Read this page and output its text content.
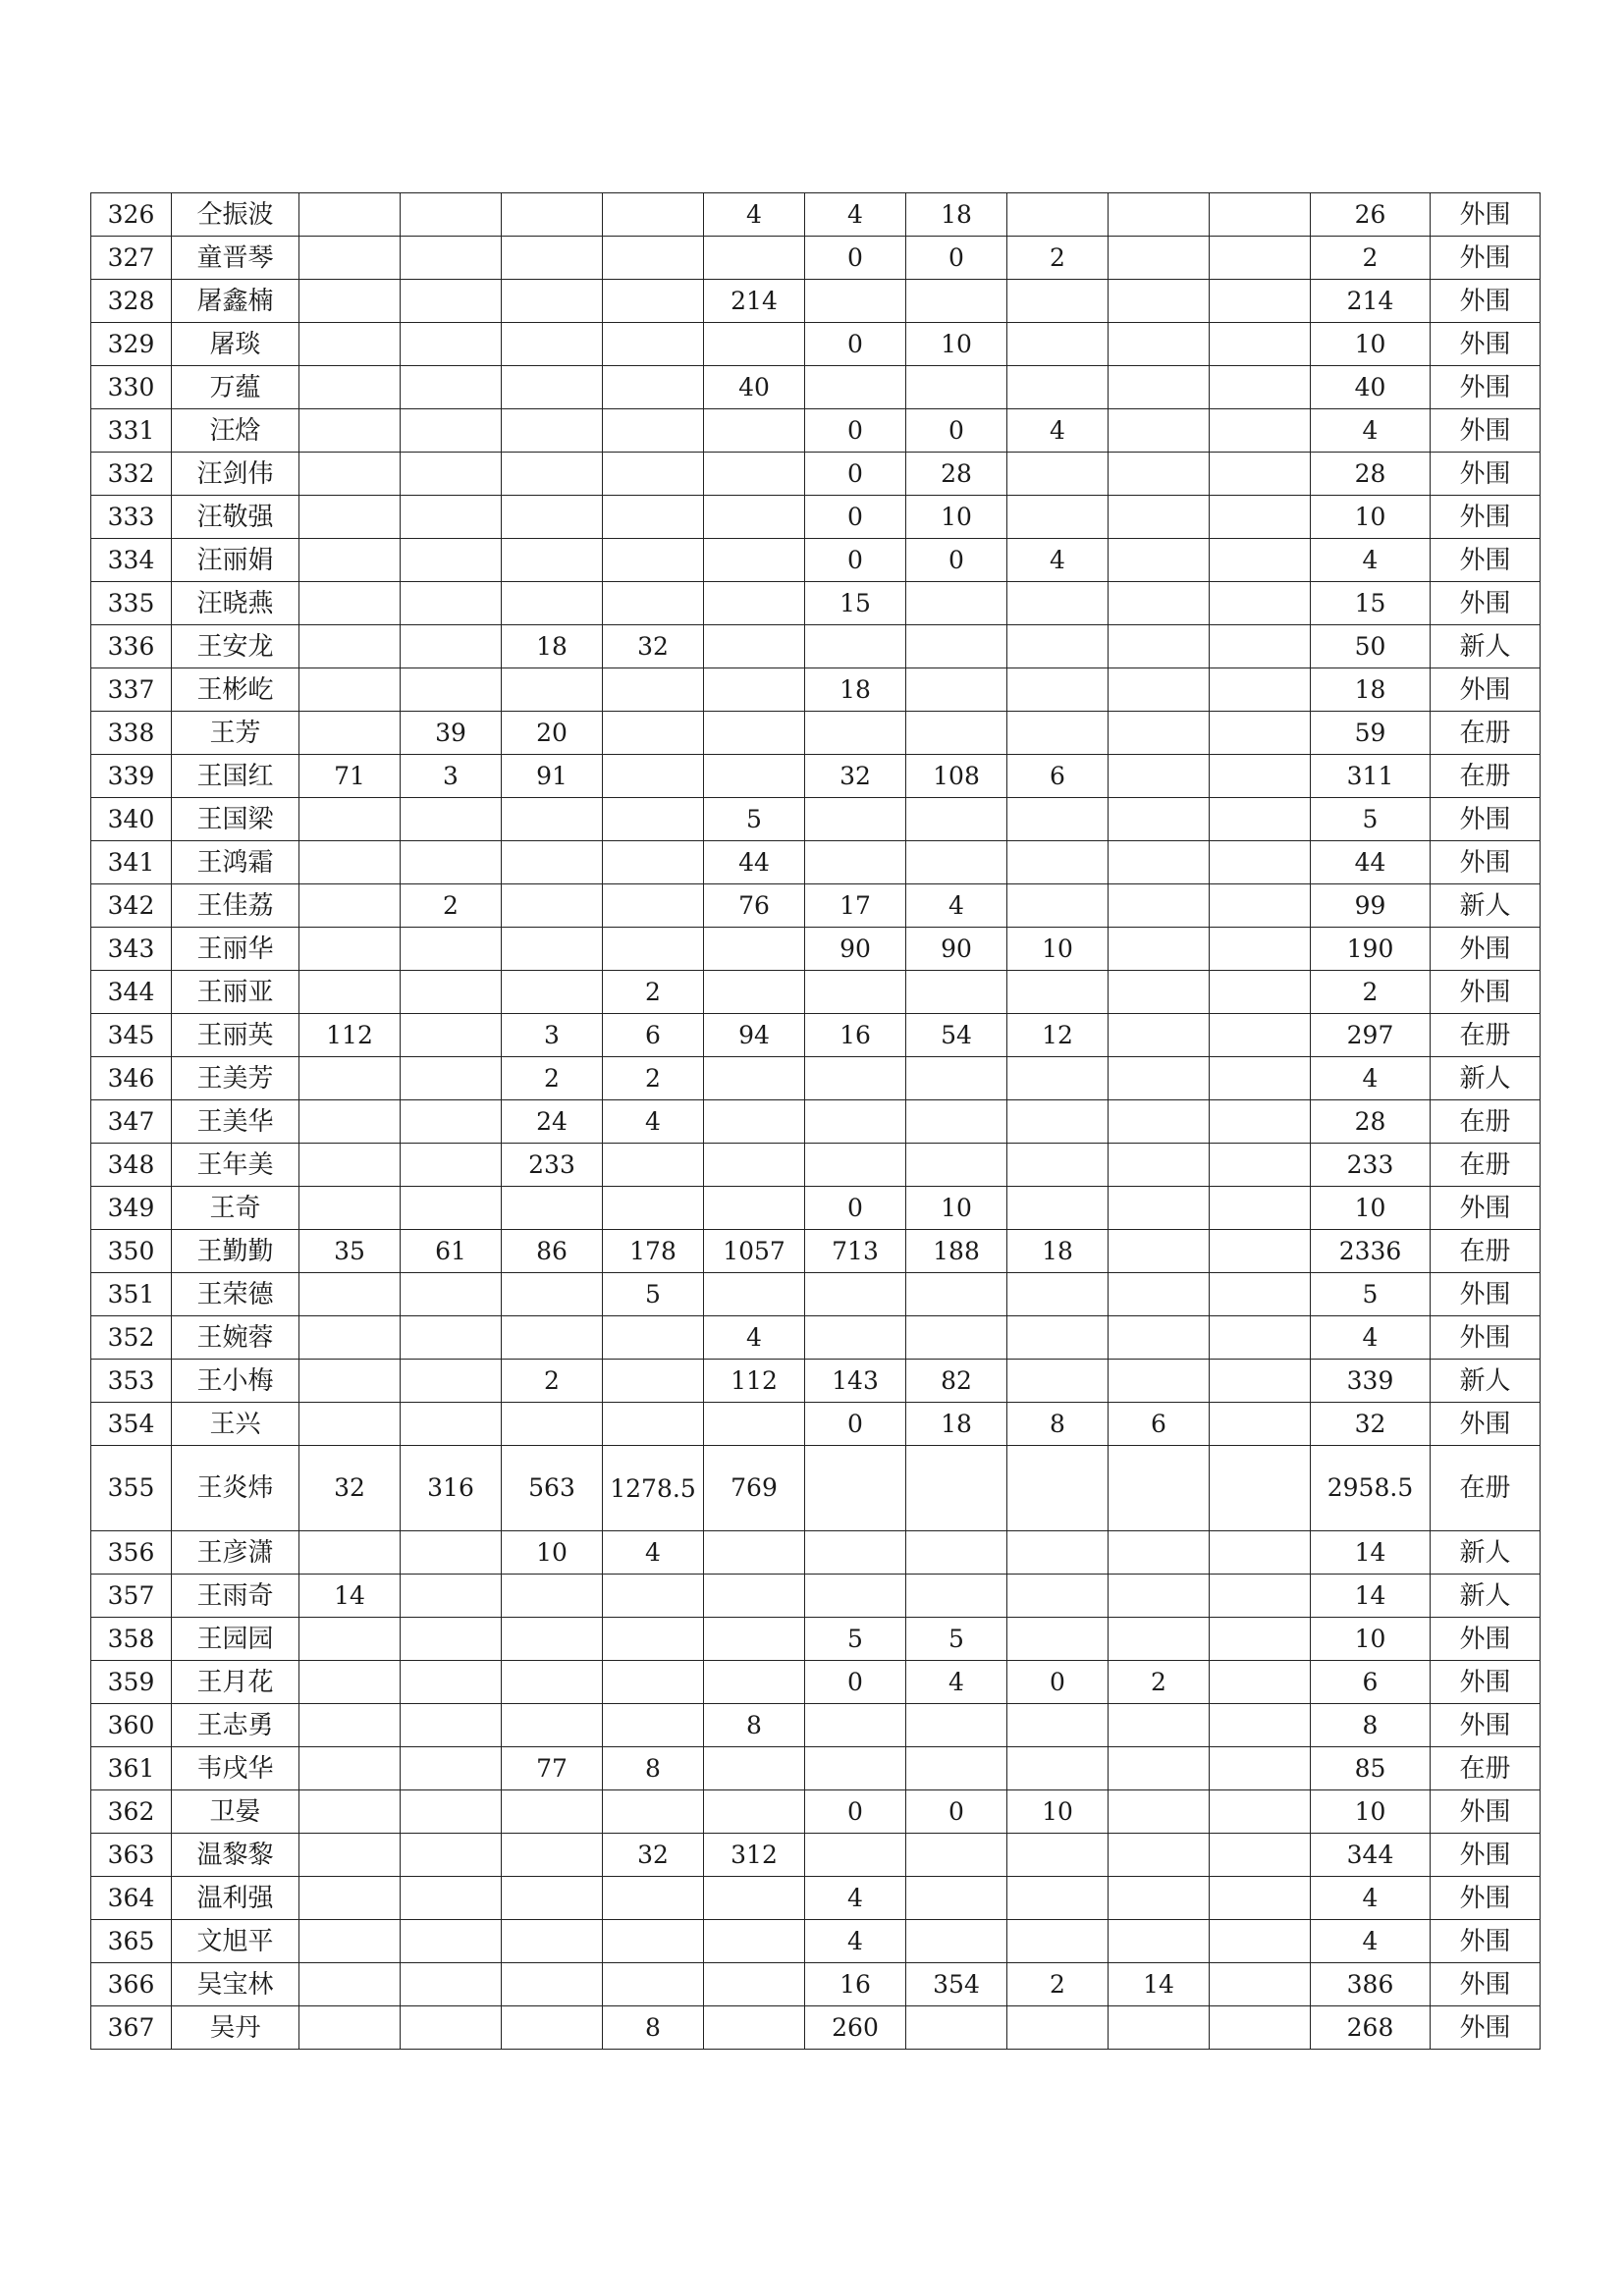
326	仝振波					4	4	18				26	外围
327	童晋琴						0	0	2			2	外围
328	屠鑫楠					214						214	外围
329	屠琰						0	10				10	外围
330	万蕴					40						40	外围
331	汪焓						0	0	4			4	外围
332	汪剑伟						0	28				28	外围
333	汪敬强						0	10				10	外围
334	汪丽娟						0	0	4			4	外围
335	汪晓燕						15					15	外围
336	王安龙			18	32							50	新人
337	王彬屹						18					18	外围
338	王芳		39	20								59	在册
339	王国红	71	3	91			32	108	6			311	在册
340	王国梁					5						5	外围
341	王鸿霜					44						44	外围
342	王佳荔		2			76	17	4				99	新人
343	王丽华						90	90	10			190	外围
344	王丽亚				2							2	外围
345	王丽英	112		3	6	94	16	54	12			297	在册
346	王美芳			2	2							4	新人
347	王美华			24	4							28	在册
348	王年美			233								233	在册
349	王奇						0	10				10	外围
350	王勤勤	35	61	86	178	1057	713	188	18			2336	在册
351	王荣德				5							5	外围
352	王婉蓉					4						4	外围
353	王小梅			2		112	143	82				339	新人
354	王兴						0	18	8	6		32	外围
355	王炎炜	32	316	563	1278.5	769						2958.5	在册
356	王彦潇			10	4							14	新人
357	王雨奇	14										14	新人
358	王园园						5	5				10	外围
359	王月花						0	4	0	2		6	外围
360	王志勇					8						8	外围
361	韦戌华			77	8							85	在册
362	卫晏						0	0	10			10	外围
363	温黎黎				32	312						344	外围
364	温利强						4					4	外围
365	文旭平						4					4	外围
366	吴宝林						16	354	2	14		386	外围
367	吴丹				8		260					268	外围
